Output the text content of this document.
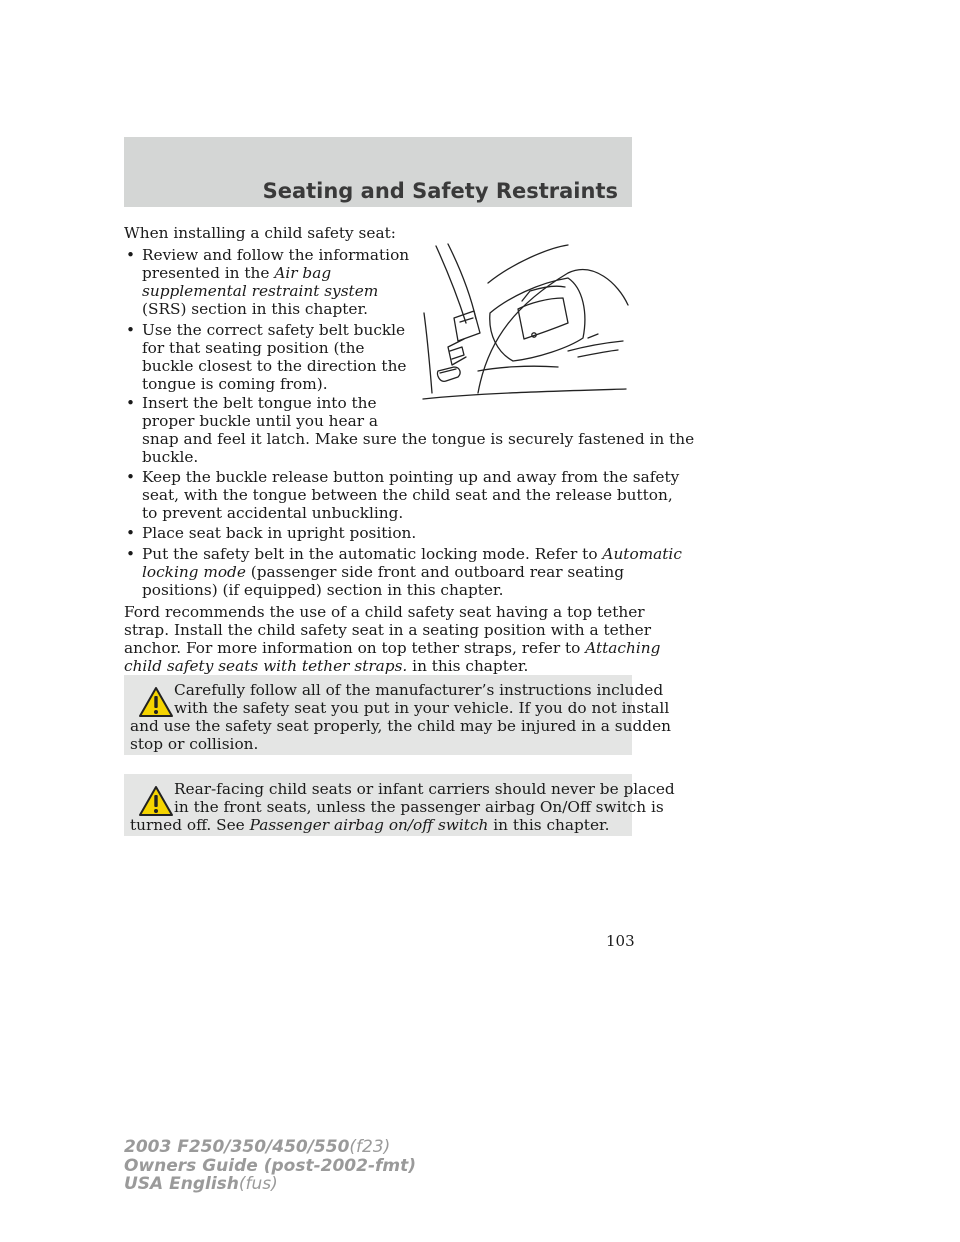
Seating and Safety Restraints

When installing a child safety seat:

• Review and follow the information

presented in the Air bag

supplemental restraint system

(SRS) section in this chapter.

• Use the correct safety belt buckle

for that seating position (the

buckle closest to the direction the

tongue is coming from).

• Insert the belt tongue into the

proper buckle until you hear a

snap and feel it latch. Make sure the tongue is securely fastened in the

buckle.

• Keep the buckle release button pointing up and away from the safety

seat, with the tongue between the child seat and the release button,

to prevent accidental unbuckling.

• Place seat back in upright position.

• Put the safety belt in the automatic locking mode. Refer to Automatic

locking mode (passenger side front and outboard rear seating

positions) (if equipped) section in this chapter.

Ford recommends the use of a child safety seat having a top tether

strap. Install the child safety seat in a seating position with a tether

anchor. For more information on top tether straps, refer to Attaching

child safety seats with tether straps. in this chapter.

Carefully follow all of the manufacturer’s instructions included

with the safety seat you put in your vehicle. If you do not install

and use the safety seat properly, the child may be injured in a sudden

stop or collision.

Rear-facing child seats or infant carriers should never be placed

in the front seats, unless the passenger airbag On/Off switch is

turned off. See Passenger airbag on/off switch in this chapter.

103

2003 F250/350/450/550(f23)
Owners Guide (post-2002-fmt)
USA English(fus)
